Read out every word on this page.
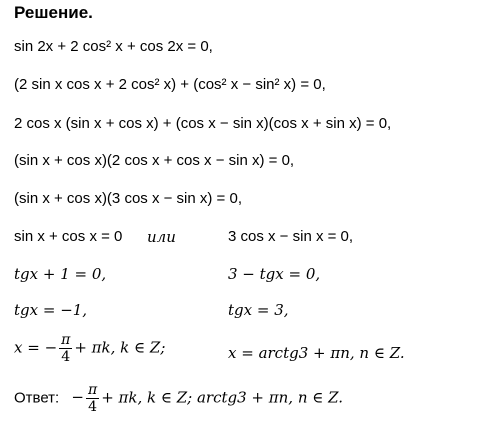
Решение.
sin 2x + 2 cos² x + cos 2x = 0,
(2 sin x cos x + 2 cos² x) + (cos² x − sin² x) = 0,
2 cos x (sin x + cos x) + (cos x − sin x)(cos x + sin x) = 0,
(sin x + cos x)(2 cos x + cos x − sin x) = 0,
(sin x + cos x)(3 cos x − sin x) = 0,
sin x + cos x = 0 или	3 cos x − sin x = 0,
tgx + 1 = 0,	3 − tgx = 0,
tgx = −1,	tgx = 3,
x = − $\frac{\pi}{4} + \pi k$, k ∈ Z;	x = arctg3 + πn, n ∈ Z.
Ответ: − $\frac{\pi}{4} + \pi k$, k ∈ Z; arctg3 + πn, n ∈ Z.
